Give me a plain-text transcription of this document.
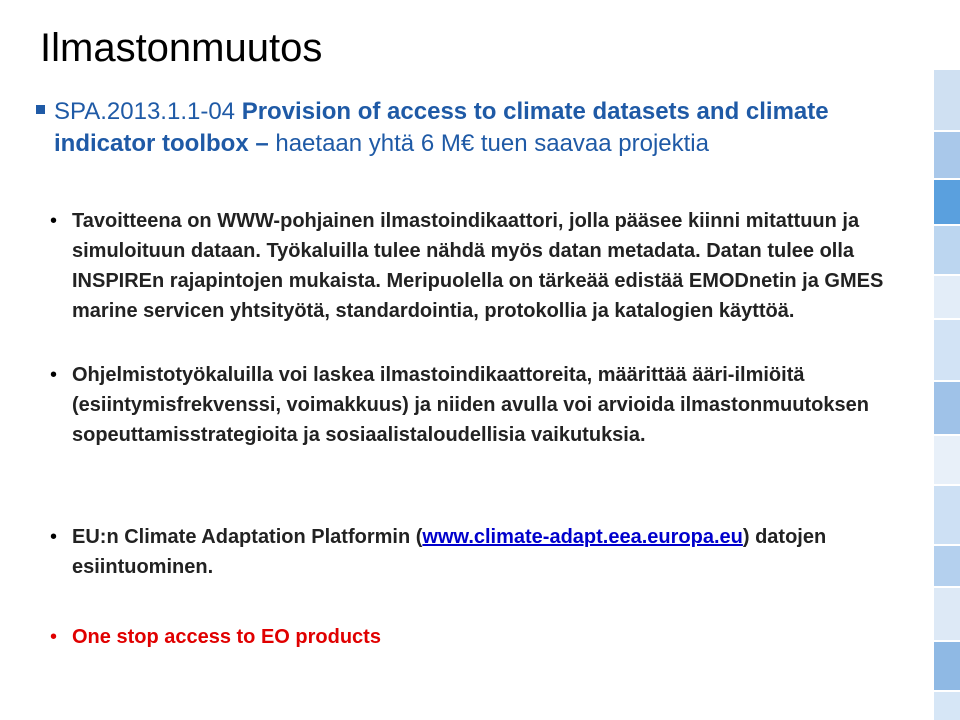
Ilmastonmuutos
SPA.2013.1.1-04 Provision of access to climate datasets and climate indicator toolbox – haetaan yhtä 6 M€ tuen saavaa projektia
• Tavoitteena on WWW-pohjainen ilmastoindikaattori, jolla pääsee kiinni mitattuun ja simuloituun dataan. Työkaluilla tulee nähdä myös datan metadata. Datan tulee olla INSPIREn rajapintojen mukaista. Meripuolella on tärkeää edistää EMODnetin ja GMES marine servicen yhtsityötä, standardointia, protokollia ja katalogien käyttöä.
• Ohjelmistotyökaluilla voi laskea ilmastoindikaattoreita, määrittää ääri-ilmiöitä (esiintymisfrekvenssi, voimakkuus) ja niiden avulla voi arvioida ilmastonmuutoksen sopeuttamisstrategioita ja sosiaalistaloudellisia vaikutuksia.
• EU:n Climate Adaptation Platformin (www.climate-adapt.eea.europa.eu) datojen esiintuominen.
• One stop access to EO products
